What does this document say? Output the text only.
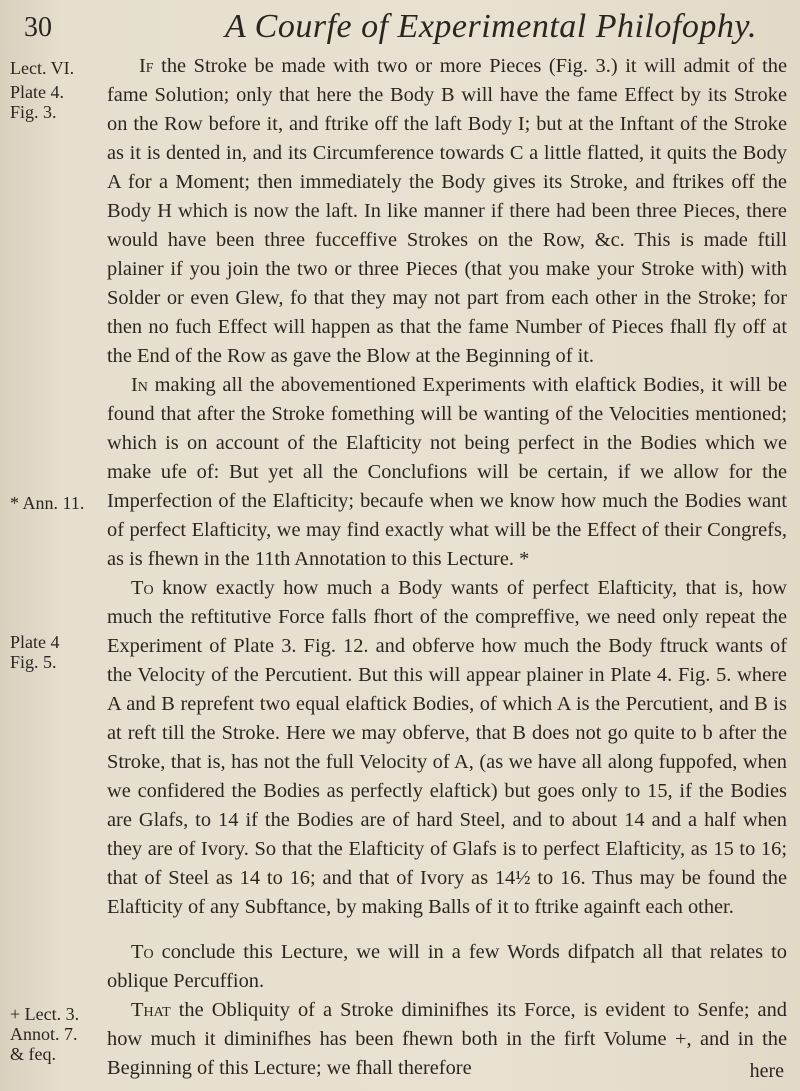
30	A Courfe of Experimental Philofophy.
Lect. VI.
Plate 4.
Fig. 3.
* Ann. 11.
Plate 4
Fig. 5.
+ Lect. 3.
Annot. 7.
& feq.

If the Stroke be made with two or more Pieces (Fig. 3.) it will admit of the fame Solution; only that here the Body B will have the fame Effect by its Stroke on the Row before it, and ftrike off the laft Body I; but at the Inftant of the Stroke as it is dented in, and its Circumference towards C a little flatted, it quits the Body A for a Moment; then immediately the Body gives its Stroke, and ftrikes off the Body H which is now the laft. In like manner if there had been three Pieces, there would have been three fucceffive Strokes on the Row, &c. This is made ftill plainer if you join the two or three Pieces (that you make your Stroke with) with Solder or even Glew, fo that they may not part from each other in the Stroke; for then no fuch Effect will happen as that the fame Number of Pieces fhall fly off at the End of the Row as gave the Blow at the Beginning of it.

In making all the abovementioned Experiments with elaftick Bodies, it will be found that after the Stroke fomething will be wanting of the Velocities mentioned; which is on account of the Elafticity not being perfect in the Bodies which we make ufe of: But yet all the Conclufions will be certain, if we allow for the Imperfection of the Elafticity; becaufe when we know how much the Bodies want of perfect Elafticity, we may find exactly what will be the Effect of their Congrefs, as is fhewn in the 11th Annotation to this Lecture. *

To know exactly how much a Body wants of perfect Elafticity, that is, how much the reftitutive Force falls fhort of the compreffive, we need only repeat the Experiment of Plate 3. Fig. 12. and obferve how much the Body ftruck wants of the Velocity of the Percutient. But this will appear plainer in Plate 4. Fig. 5. where A and B reprefent two equal elaftick Bodies, of which A is the Percutient, and B is at reft till the Stroke. Here we may obferve, that B does not go quite to b after the Stroke, that is, has not the full Velocity of A, (as we have all along fuppofed, when we confidered the Bodies as perfectly elaftick) but goes only to 15, if the Bodies are Glafs, to 14 if the Bodies are of hard Steel, and to about 14 and a half when they are of Ivory. So that the Elafticity of Glafs is to perfect Elafticity, as 15 to 16; that of Steel as 14 to 16; and that of Ivory as 14½ to 16. Thus may be found the Elafticity of any Subftance, by making Balls of it to ftrike againft each other.

To conclude this Lecture, we will in a few Words difpatch all that relates to oblique Percuffion.

That the Obliquity of a Stroke diminifhes its Force, is evident to Senfe; and how much it diminifhes has been fhewn both in the firft Volume +, and in the Beginning of this Lecture; we fhall therefore	here
